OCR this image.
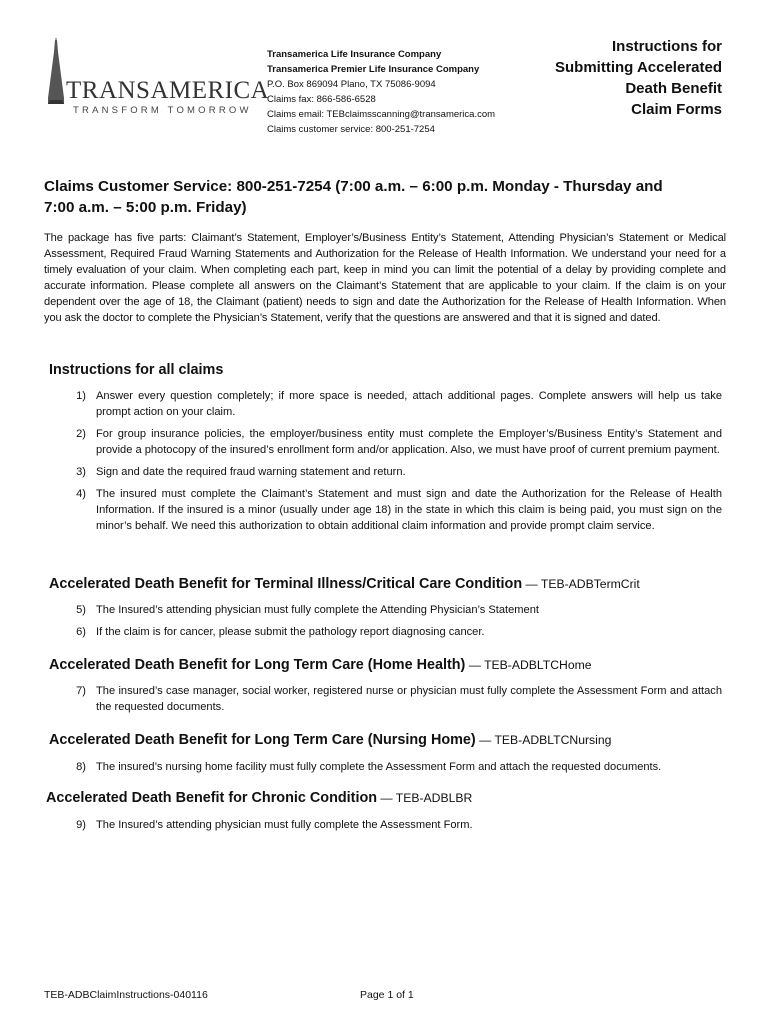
TRANSAMERICA
TRANSFORM TOMORROW
Transamerica Life Insurance Company
Transamerica Premier Life Insurance Company
P.O. Box 869094 Plano, TX 75086-9094
Claims fax: 866-586-6528
Claims email: TEBclaimsscanning@transamerica.com
Claims customer service: 800-251-7254
Instructions for
Submitting Accelerated
Death Benefit
Claim Forms
Claims Customer Service: 800-251-7254 (7:00 a.m. – 6:00 p.m. Monday - Thursday and 7:00 a.m. – 5:00 p.m. Friday)
The package has five parts: Claimant’s Statement, Employer’s/Business Entity’s Statement, Attending Physician’s Statement or Medical Assessment, Required Fraud Warning Statements and Authorization for the Release of Health Information. We understand your need for a timely evaluation of your claim. When completing each part, keep in mind you can limit the potential of a delay by providing complete and accurate information. Please complete all answers on the Claimant’s Statement that are applicable to your claim. If the claim is on your dependent over the age of 18, the Claimant (patient) needs to sign and date the Authorization for the Release of Health Information. When you ask the doctor to complete the Physician’s Statement, verify that the questions are answered and that it is signed and dated.
Instructions for all claims
1) Answer every question completely; if more space is needed, attach additional pages. Complete answers will help us take prompt action on your claim.
2) For group insurance policies, the employer/business entity must complete the Employer’s/Business Entity’s Statement and provide a photocopy of the insured’s enrollment form and/or application. Also, we must have proof of current premium payment.
3) Sign and date the required fraud warning statement and return.
4) The insured must complete the Claimant’s Statement and must sign and date the Authorization for the Release of Health Information. If the insured is a minor (usually under age 18) in the state in which this claim is being paid, you must sign on the minor’s behalf. We need this authorization to obtain additional claim information and provide prompt claim service.
Accelerated Death Benefit for Terminal Illness/Critical Care Condition — TEB-ADBTermCrit
5) The Insured’s attending physician must fully complete the Attending Physician’s Statement
6) If the claim is for cancer, please submit the pathology report diagnosing cancer.
Accelerated Death Benefit for Long Term Care (Home Health) — TEB-ADBLTCHome
7) The insured’s case manager, social worker, registered nurse or physician must fully complete the Assessment Form and attach the requested documents.
Accelerated Death Benefit for Long Term Care (Nursing Home) — TEB-ADBLTCNursing
8) The insured’s nursing home facility must fully complete the Assessment Form and attach the requested documents.
Accelerated Death Benefit for Chronic Condition — TEB-ADBLBR
9) The Insured’s attending physician must fully complete the Assessment Form.
TEB-ADBClaimInstructions-040116	Page 1 of 1
